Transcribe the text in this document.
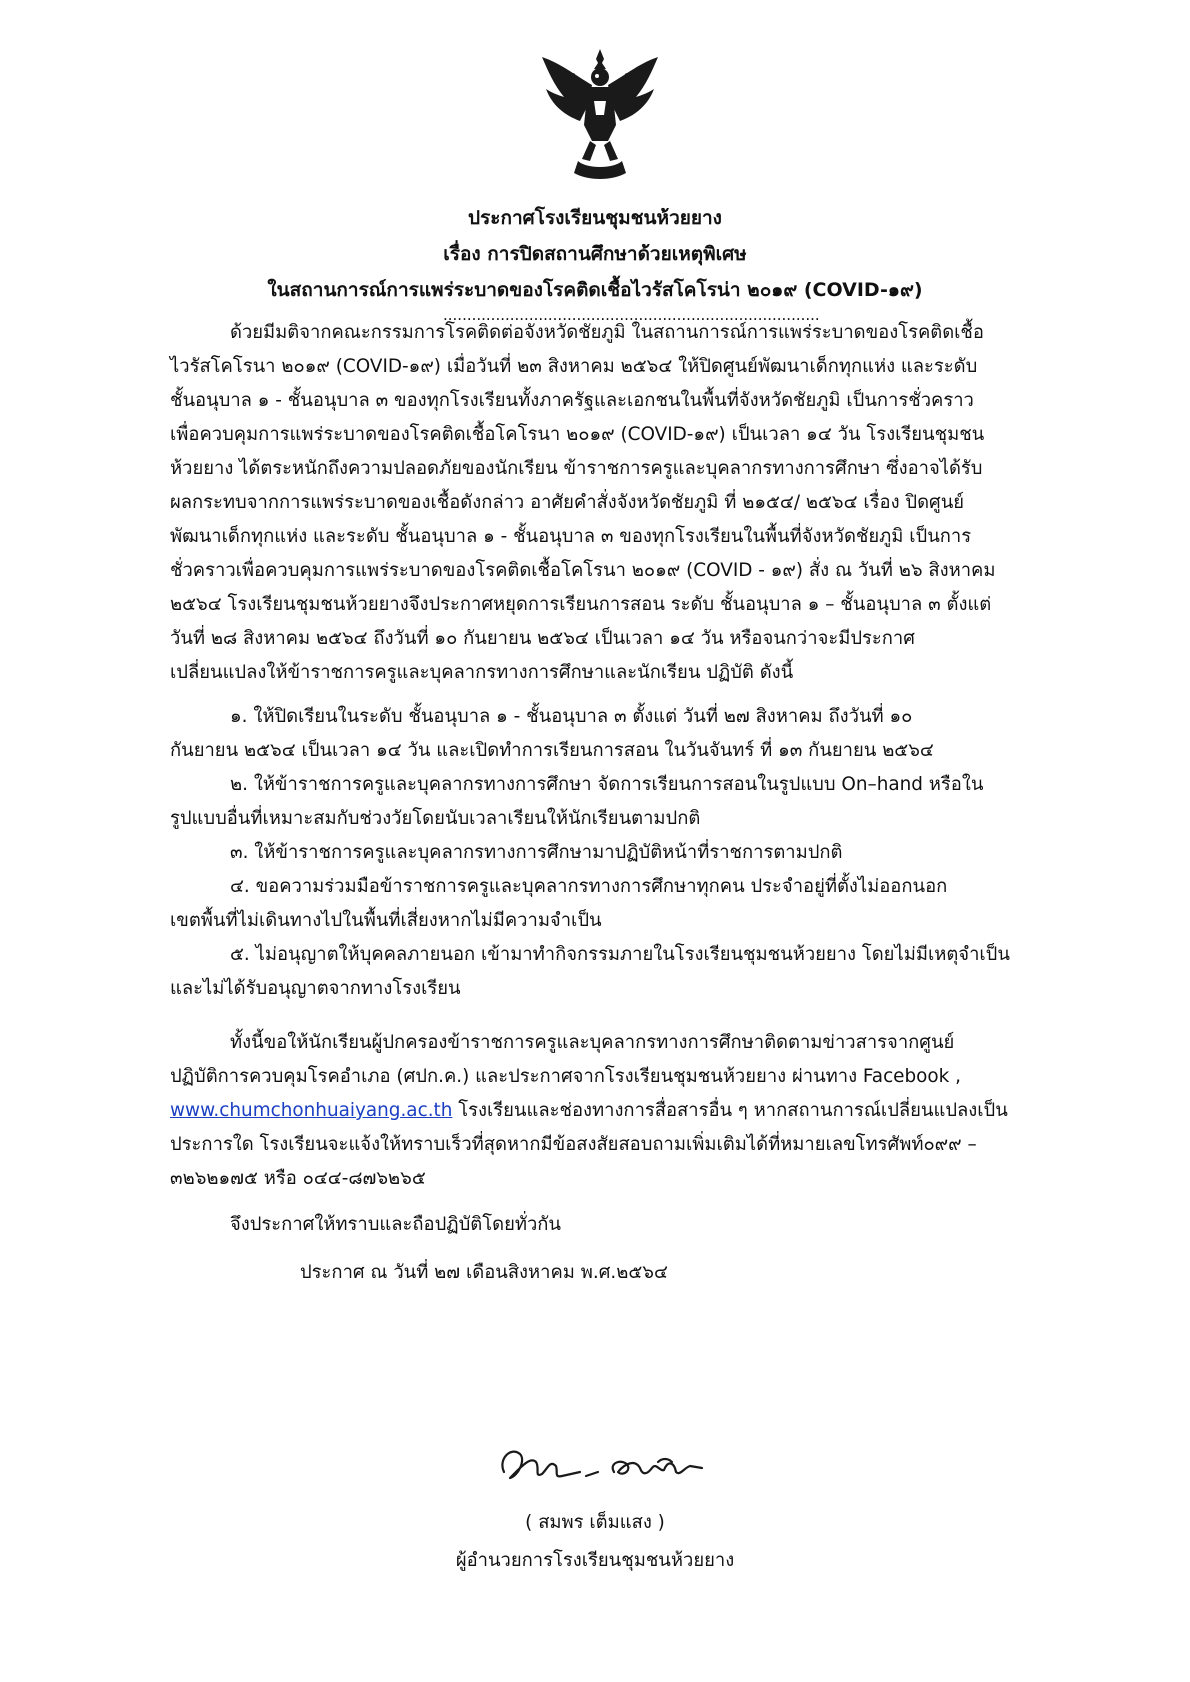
ประกาศโรงเรียนชุมชนห้วยยาง
เรื่อง การปิดสถานศึกษาด้วยเหตุพิเศษ
ในสถานการณ์การแพร่ระบาดของโรคติดเชื้อไวรัสโคโรน่า ๒๐๑๙ (COVID-๑๙)
...............................................................................
ด้วยมีมติจากคณะกรรมการโรคติดต่อจังหวัดชัยภูมิ ในสถานการณ์การแพร่ระบาดของโรคติดเชื้อ
ไวรัสโคโรนา ๒๐๑๙ (COVID-๑๙) เมื่อวันที่ ๒๓ สิงหาคม ๒๕๖๔ ให้ปิดศูนย์พัฒนาเด็กทุกแห่ง และระดับ
ชั้นอนุบาล ๑ - ชั้นอนุบาล ๓ ของทุกโรงเรียนทั้งภาครัฐและเอกชนในพื้นที่จังหวัดชัยภูมิ เป็นการชั่วคราว
เพื่อควบคุมการแพร่ระบาดของโรคติดเชื้อโคโรนา ๒๐๑๙ (COVID-๑๙) เป็นเวลา ๑๔ วัน โรงเรียนชุมชน
ห้วยยาง ได้ตระหนักถึงความปลอดภัยของนักเรียน ข้าราชการครูและบุคลากรทางการศึกษา ซึ่งอาจได้รับ
ผลกระทบจากการแพร่ระบาดของเชื้อดังกล่าว อาศัยคำสั่งจังหวัดชัยภูมิ ที่ ๒๑๕๔/ ๒๕๖๔ เรื่อง ปิดศูนย์
พัฒนาเด็กทุกแห่ง และระดับ ชั้นอนุบาล ๑ - ชั้นอนุบาล ๓ ของทุกโรงเรียนในพื้นที่จังหวัดชัยภูมิ เป็นการ
ชั่วคราวเพื่อควบคุมการแพร่ระบาดของโรคติดเชื้อโคโรนา ๒๐๑๙ (COVID - ๑๙) สั่ง ณ วันที่ ๒๖ สิงหาคม
๒๕๖๔ โรงเรียนชุมชนห้วยยางจึงประกาศหยุดการเรียนการสอน ระดับ ชั้นอนุบาล ๑ – ชั้นอนุบาล ๓ ตั้งแต่
วันที่ ๒๘ สิงหาคม ๒๕๖๔ ถึงวันที่ ๑๐ กันยายน ๒๕๖๔ เป็นเวลา ๑๔ วัน หรือจนกว่าจะมีประกาศ
เปลี่ยนแปลงให้ข้าราชการครูและบุคลากรทางการศึกษาและนักเรียน ปฏิบัติ ดังนี้
๑. ให้ปิดเรียนในระดับ ชั้นอนุบาล ๑ - ชั้นอนุบาล ๓ ตั้งแต่ วันที่ ๒๗ สิงหาคม ถึงวันที่ ๑๐
กันยายน ๒๕๖๔ เป็นเวลา ๑๔ วัน และเปิดทำการเรียนการสอน ในวันจันทร์ ที่ ๑๓ กันยายน ๒๕๖๔
๒. ให้ข้าราชการครูและบุคลากรทางการศึกษา จัดการเรียนการสอนในรูปแบบ On–hand หรือใน
รูปแบบอื่นที่เหมาะสมกับช่วงวัยโดยนับเวลาเรียนให้นักเรียนตามปกติ
๓. ให้ข้าราชการครูและบุคลากรทางการศึกษามาปฏิบัติหน้าที่ราชการตามปกติ
๔. ขอความร่วมมือข้าราชการครูและบุคลากรทางการศึกษาทุกคน ประจำอยู่ที่ตั้งไม่ออกนอก
เขตพื้นที่ไม่เดินทางไปในพื้นที่เสี่ยงหากไม่มีความจำเป็น
๕. ไม่อนุญาตให้บุคคลภายนอก เข้ามาทำกิจกรรมภายในโรงเรียนชุมชนห้วยยาง โดยไม่มีเหตุจำเป็น
และไม่ได้รับอนุญาตจากทางโรงเรียน
ทั้งนี้ขอให้นักเรียนผู้ปกครองข้าราชการครูและบุคลากรทางการศึกษาติดตามข่าวสารจากศูนย์
ปฏิบัติการควบคุมโรคอำเภอ (ศปก.ค.) และประกาศจากโรงเรียนชุมชนห้วยยาง ผ่านทาง Facebook ,
www.chumchonhuaiyang.ac.th โรงเรียนและช่องทางการสื่อสารอื่น ๆ หากสถานการณ์เปลี่ยนแปลงเป็น
ประการใด โรงเรียนจะแจ้งให้ทราบเร็วที่สุดหากมีข้อสงสัยสอบถามเพิ่มเติมได้ที่หมายเลขโทรศัพท์๐๙๙ –
๓๒๖๒๑๗๕ หรือ ๐๔๔-๘๗๖๒๖๕
จึงประกาศให้ทราบและถือปฏิบัติโดยทั่วกัน
ประกาศ ณ วันที่ ๒๗ เดือนสิงหาคม พ.ศ.๒๕๖๔
( สมพร เต็มแสง )
ผู้อำนวยการโรงเรียนชุมชนห้วยยาง
